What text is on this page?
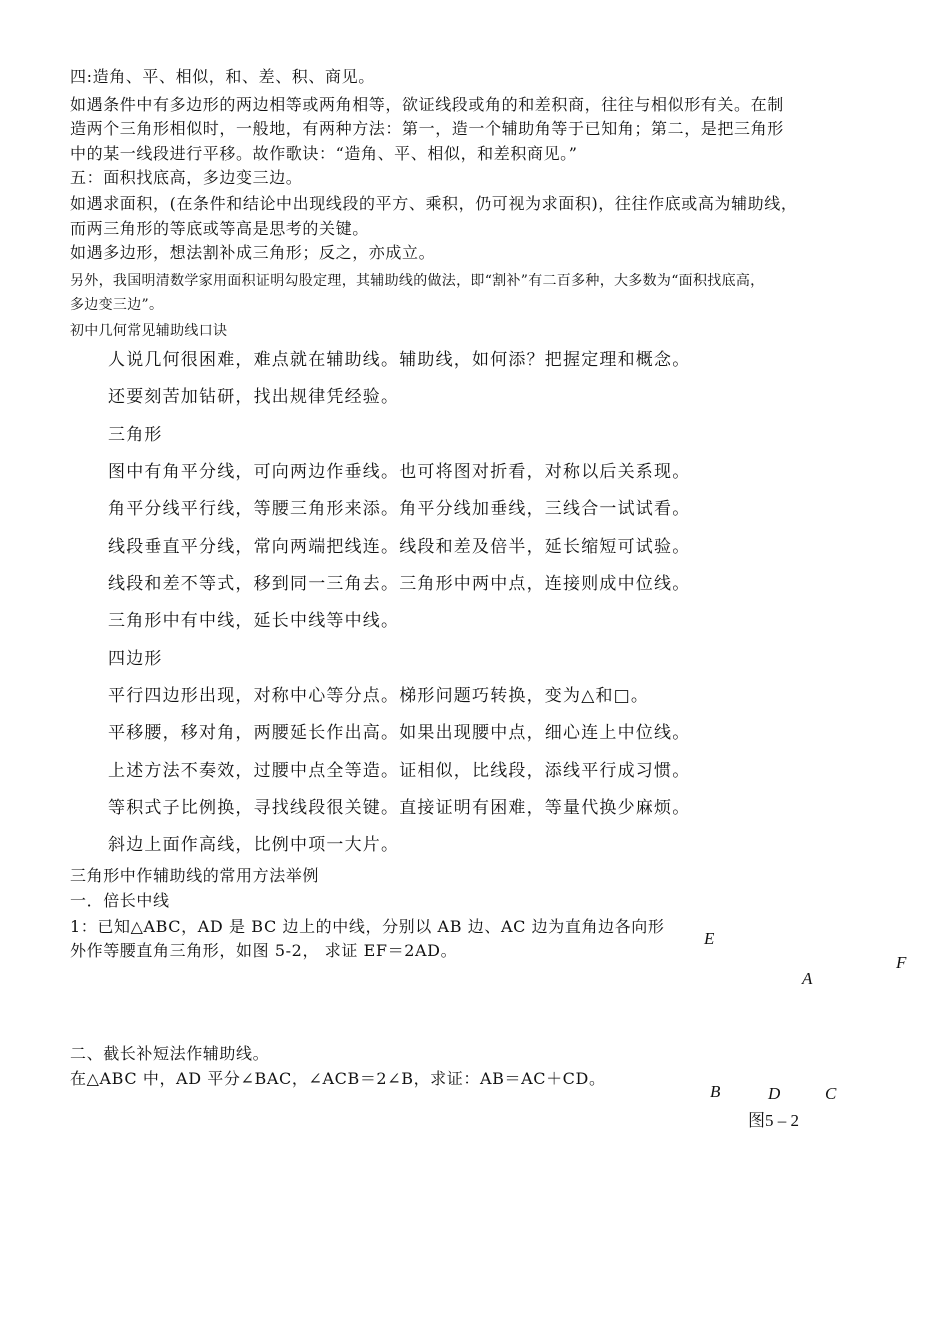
四:造角、平、相似，和、差、积、商见。
如遇条件中有多边形的两边相等或两角相等，欲证线段或角的和差积商，往往与相似形有关。在制
造两个三角形相似时，一般地，有两种方法：第一，造一个辅助角等于已知角；第二，是把三角形
中的某一线段进行平移。故作歌诀：“造角、平、相似，和差积商见。”
五：面积找底高，多边变三边。
如遇求面积，(在条件和结论中出现线段的平方、乘积，仍可视为求面积)，往往作底或高为辅助线，
而两三角形的等底或等高是思考的关键。
如遇多边形，想法割补成三角形；反之，亦成立。
另外，我国明清数学家用面积证明勾股定理，其辅助线的做法，即“割补”有二百多种，大多数为“面积找底高，
多边变三边”。
初中几何常见辅助线口诀
人说几何很困难，难点就在辅助线。辅助线，如何添？把握定理和概念。
还要刻苦加钻研，找出规律凭经验。
三角形
图中有角平分线，可向两边作垂线。也可将图对折看，对称以后关系现。
角平分线平行线，等腰三角形来添。角平分线加垂线，三线合一试试看。
线段垂直平分线，常向两端把线连。线段和差及倍半，延长缩短可试验。
线段和差不等式，移到同一三角去。三角形中两中点，连接则成中位线。
三角形中有中线，延长中线等中线。
四边形
平行四边形出现，对称中心等分点。梯形问题巧转换，变为△和□。
平移腰，移对角，两腰延长作出高。如果出现腰中点，细心连上中位线。
上述方法不奏效，过腰中点全等造。证相似，比线段，添线平行成习惯。
等积式子比例换，寻找线段很关键。直接证明有困难，等量代换少麻烦。
斜边上面作高线，比例中项一大片。
三角形中作辅助线的常用方法举例
一．倍长中线
1：已知△ABC，AD 是 BC 边上的中线，分别以 AB 边、AC 边为直角边各向形
外作等腰直角三角形，如图 5-2， 求证 EF＝2AD。
二、截长补短法作辅助线。
在△ABC 中，AD 平分∠BAC，∠ACB＝2∠B，求证：AB＝AC＋CD。
E
F
A
B	D	C
图5 – 2
